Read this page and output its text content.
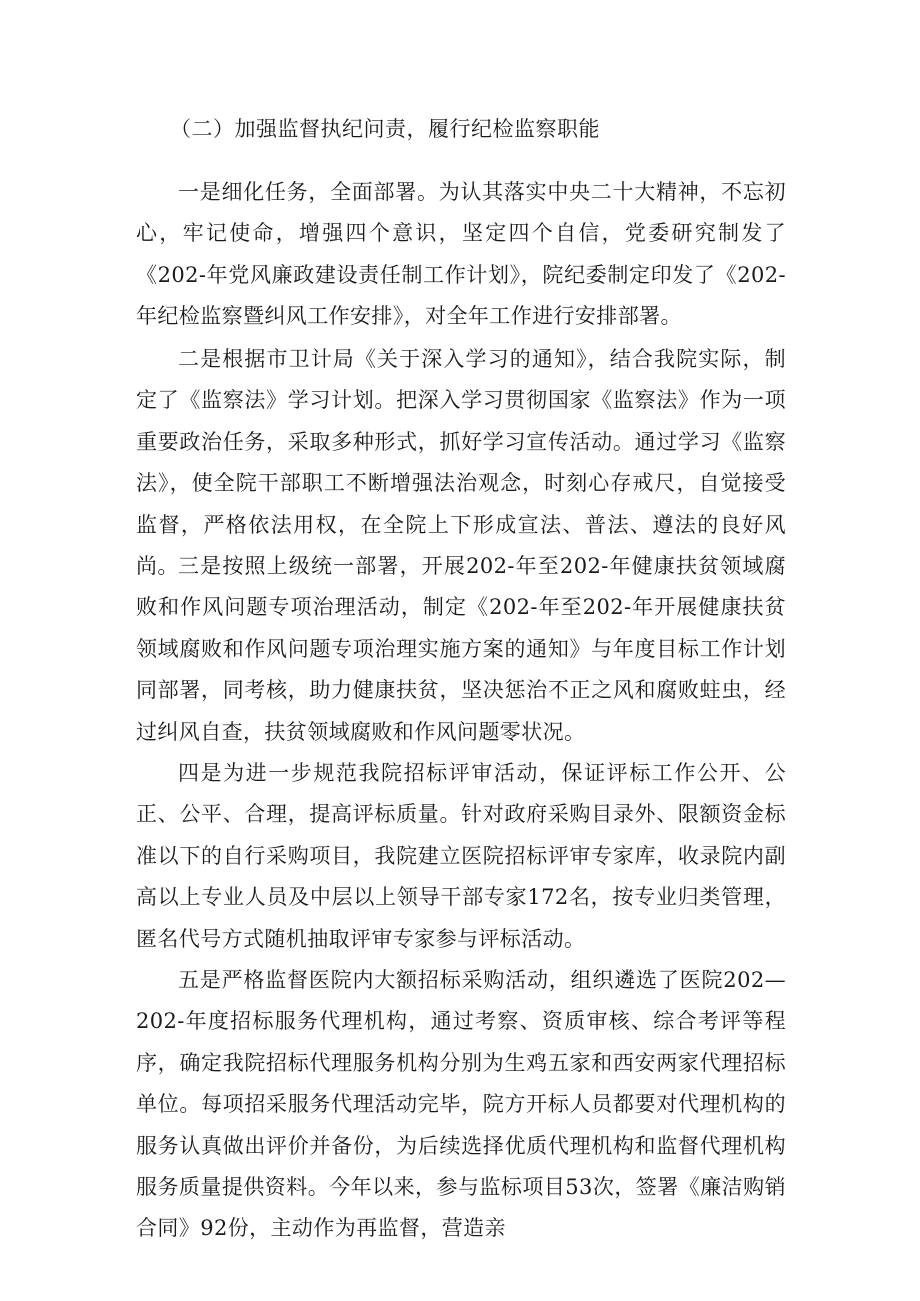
（二）加强监督执纪问责，履行纪检监察职能

一是细化任务，全面部署。为认其落实中央二十大精神，不忘初心，牢记使命，增强四个意识，坚定四个自信，党委研究制发了《202-年党风廉政建设责任制工作计划》，院纪委制定印发了《202-年纪检监察暨纠风工作安排》，对全年工作进行安排部署。

二是根据市卫计局《关于深入学习的通知》，结合我院实际，制定了《监察法》学习计划。把深入学习贯彻国家《监察法》作为一项重要政治任务，采取多种形式，抓好学习宣传活动。通过学习《监察法》，使全院干部职工不断增强法治观念，时刻心存戒尺，自觉接受监督，严格依法用权，在全院上下形成宣法、普法、遵法的良好风尚。 三是按照上级统一部署，开展202-年至202-年健康扶贫领域腐败和作风问题专项治理活动，制定《202-年至202-年开展健康扶贫领域腐败和作风问题专项治理实施方案的通知》与年度目标工作计划同部署，同考核，助力健康扶贫，坚决惩治不正之风和腐败蛀虫，经过纠风自查，扶贫领域腐败和作风问题零状况。

四是为进一步规范我院招标评审活动，保证评标工作公开、公正、公平、合理，提高评标质量。针对政府采购目录外、限额资金标准以下的自行采购项目，我院建立医院招标评审专家库，收录院内副高以上专业人员及中层以上领导干部专家172名，按专业归类管理，匿名代号方式随机抽取评审专家参与评标活动。

五是严格监督医院内大额招标采购活动，组织遴选了医院202—202-年度招标服务代理机构，通过考察、资质审核、综合考评等程序，确定我院招标代理服务机构分别为生鸡五家和西安两家代理招标单位。每项招采服务代理活动完毕，院方开标人员都要对代理机构的服务认真做出评价并备份，为后续选择优质代理机构和监督代理机构服务质量提供资料。今年以来，参与监标项目53次，签署《廉洁购销合同》92份，主动作为再监督，营造亲
